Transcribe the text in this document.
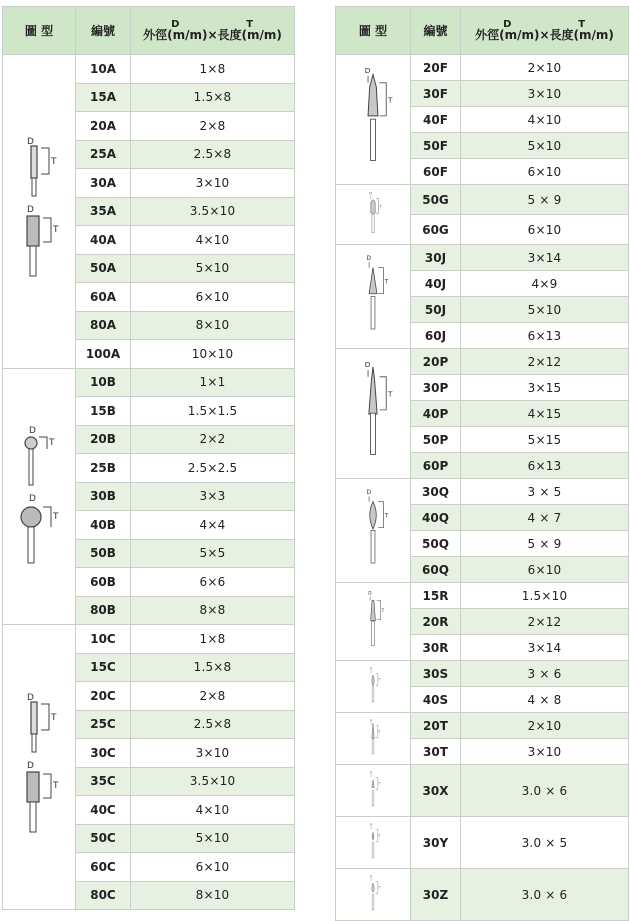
圖 型	編號	D
外徑(m/m)×
T
長度(m/m)

D
T
D
T	10A	1×8
	15A	1.5×8
	20A	2×8
	25A	2.5×8
	30A	3×10
	35A	3.5×10
	40A	4×10
	50A	5×10
	60A	6×10
	80A	8×10
	100A	10×10

D
T
D
T	10B	1×1
	15B	1.5×1.5
	20B	2×2
	25B	2.5×2.5
	30B	3×3
	40B	4×4
	50B	5×5
	60B	6×6
	80B	8×8

D
T
D
T	10C	1×8
	15C	1.5×8
	20C	2×8
	25C	2.5×8
	30C	3×10
	35C	3.5×10
	40C	4×10
	50C	5×10
	60C	6×10
	80C	8×10
圖 型	編號	D
外徑(m/m)×
T
長度(m/m)

D
T	20F	2×10
	30F	3×10
	40F	4×10
	50F	5×10
	60F	6×10

D
T	50G	5 × 9
	60G	6×10

D
T	30J	3×14
	40J	4×9
	50J	5×10
	60J	6×13

D
T	20P	2×12
	30P	3×15
	40P	4×15
	50P	5×15
	60P	6×13

D
T	30Q	3 × 5
	40Q	4 × 7
	50Q	5 × 9
	60Q	6×10

D
T	15R	1.5×10
	20R	2×12
	30R	3×14

D
T	30S	3 × 6
	40S	4 × 8

D
T	20T	2×10
	30T	3×10

D
T	30X	3.0 × 6

D
T	30Y	3.0 × 5

D
T	30Z	3.0 × 6
